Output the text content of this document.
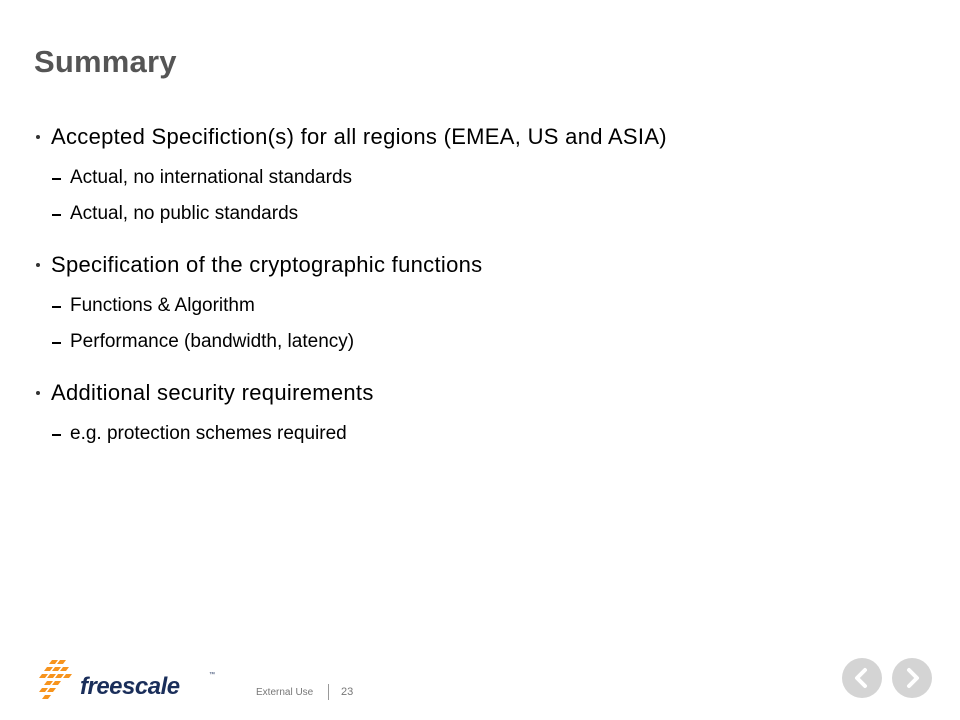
Summary
Accepted Specifiction(s) for all regions (EMEA, US and ASIA)
Actual, no international standards
Actual, no public standards
Specification of the cryptographic functions
Functions & Algorithm
Performance (bandwidth, latency)
Additional security requirements
e.g. protection schemes required
freescale	™
External Use	23
